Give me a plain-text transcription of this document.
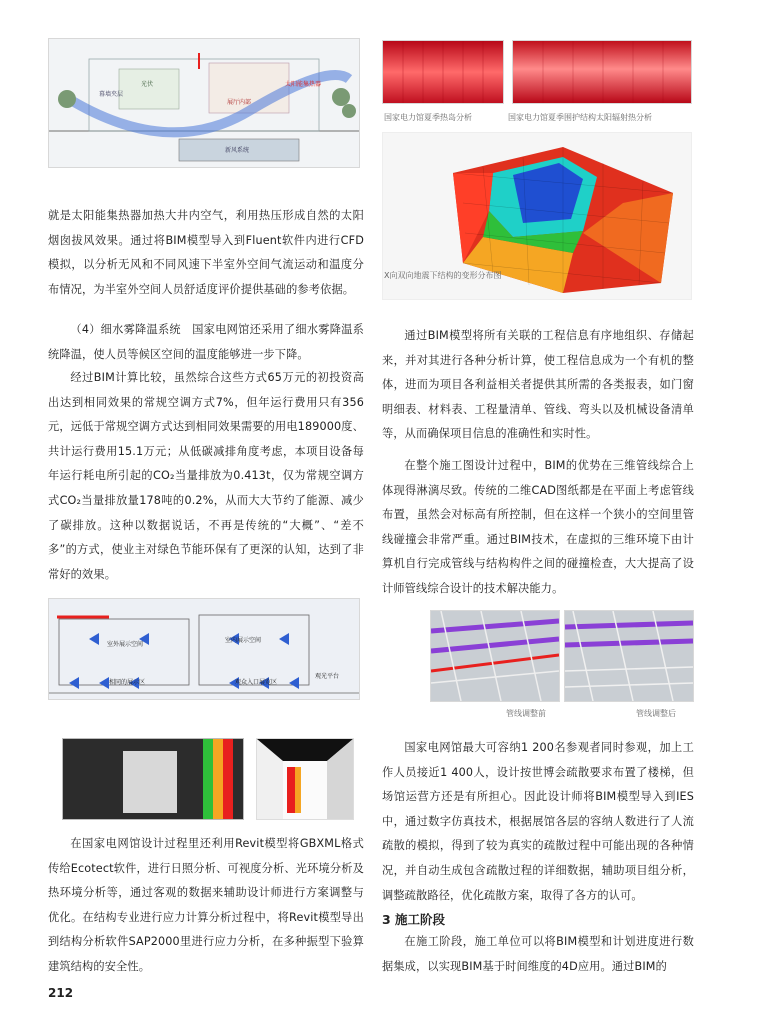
幕墙夹层
光伏
展厅内部
太阳能集热器
新风系统
国家电力馆夏季热岛分析	国家电力馆夏季围护结构太阳辐射热分析
X向双向地震下结构的变形分布图

就是太阳能集热器加热大井内空气，利用热压形成自然的太阳烟囱拔风效果。通过将BIM模型导入到Fluent软件内进行CFD模拟，以分析无风和不同风速下半室外空间气流运动和温度分布情况，为半室外空间人员舒适度评价提供基础的参考依据。

（4）细水雾降温系统　国家电网馆还采用了细水雾降温系统降温，使人员等候区空间的温度能够进一步下降。

经过BIM计算比较，虽然综合这些方式65万元的初投资高出达到相同效果的常规空调方式7%，但年运行费用只有356元，远低于常规空调方式达到相同效果需要的用电189000度、共计运行费用15.1万元；从低碳减排角度考虑，本项目设备每年运行耗电所引起的CO₂当量排放为0.413t，仅为常规空调方式CO₂当量排放量178吨的0.2%，从而大大节约了能源、减少了碳排放。这种以数据说话，不再是传统的“大概”、“差不多”的方式，使业主对绿色节能环保有了更深的认知，达到了非常好的效果。

通过BIM模型将所有关联的工程信息有序地组织、存储起来，并对其进行各种分析计算，使工程信息成为一个有机的整体，进而为项目各利益相关者提供其所需的各类报表，如门窗明细表、材料表、工程量清单、管线、弯头以及机械设备清单等，从而确保项目信息的准确性和实时性。

在整个施工图设计过程中，BIM的优势在三维管线综合上体现得淋漓尽致。传统的二维CAD图纸都是在平面上考虑管线布置，虽然会对标高有所控制，但在这样一个狭小的空间里管线碰撞会非常严重。通过BIM技术，在虚拟的三维环境下由计算机自行完成管线与结构构件之间的碰撞检查，大大提高了设计师管线综合设计的技术解决能力。

室外展示空间
室内展示空间
相同的展示区	观众入口展览区
观光平台

在国家电网馆设计过程里还利用Revit模型将GBXML格式传给Ecotect软件，进行日照分析、可视度分析、光环境分析及热环境分析等，通过客观的数据来辅助设计师进行方案调整与优化。在结构专业进行应力计算分析过程中，将Revit模型导出到结构分析软件SAP2000里进行应力分析，在多种振型下验算建筑结构的安全性。

管线调整前	管线调整后

国家电网馆最大可容纳1 200名参观者同时参观，加上工作人员接近1 400人，设计按世博会疏散要求布置了楼梯，但场馆运营方还是有所担心。因此设计师将BIM模型导入到IES中，通过数字仿真技术，根据展馆各层的容纳人数进行了人流疏散的模拟，得到了较为真实的疏散过程中可能出现的各种情况，并自动生成包含疏散过程的详细数据，辅助项目组分析，调整疏散路径，优化疏散方案，取得了各方的认可。

3 施工阶段

在施工阶段，施工单位可以将BIM模型和计划进度进行数据集成，以实现BIM基于时间维度的4D应用。通过BIM的

212
